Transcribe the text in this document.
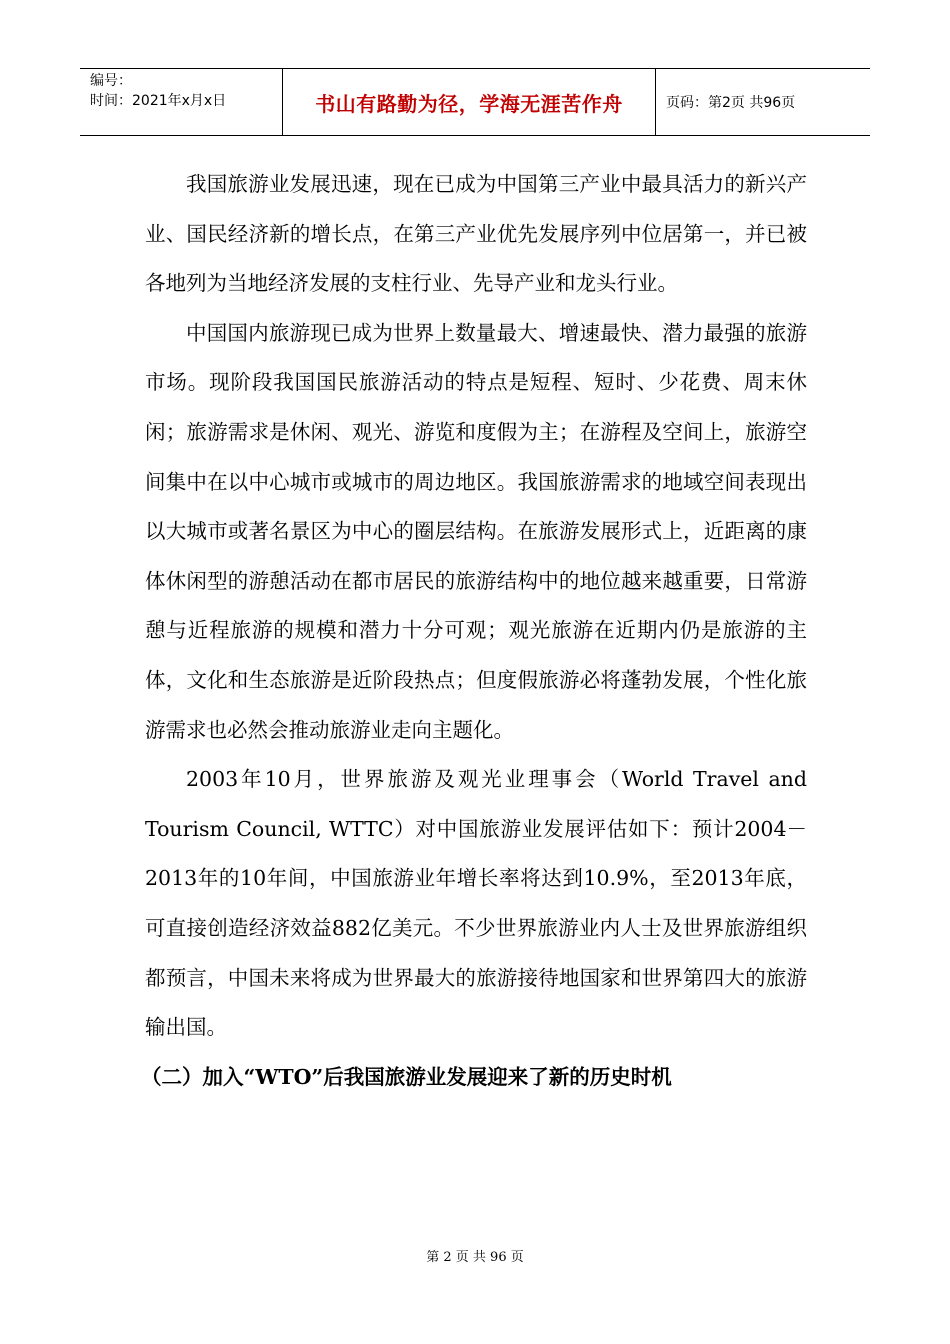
编号：
时间：2021年x月x日	书山有路勤为径，学海无涯苦作舟	页码：第2页 共96页

我国旅游业发展迅速，现在已成为中国第三产业中最具活力的新兴产业、国民经济新的增长点，在第三产业优先发展序列中位居第一，并已被各地列为当地经济发展的支柱行业、先导产业和龙头行业。

中国国内旅游现已成为世界上数量最大、增速最快、潜力最强的旅游市场。现阶段我国国民旅游活动的特点是短程、短时、少花费、周末休闲；旅游需求是休闲、观光、游览和度假为主；在游程及空间上，旅游空间集中在以中心城市或城市的周边地区。我国旅游需求的地域空间表现出以大城市或著名景区为中心的圈层结构。在旅游发展形式上，近距离的康体休闲型的游憩活动在都市居民的旅游结构中的地位越来越重要，日常游憩与近程旅游的规模和潜力十分可观；观光旅游在近期内仍是旅游的主体，文化和生态旅游是近阶段热点；但度假旅游必将蓬勃发展，个性化旅游需求也必然会推动旅游业走向主题化。

2003年10月，世界旅游及观光业理事会（World Travel and Tourism Council, WTTC）对中国旅游业发展评估如下：预计2004－2013年的10年间，中国旅游业年增长率将达到10.9%，至2013年底，可直接创造经济效益882亿美元。不少世界旅游业内人士及世界旅游组织都预言，中国未来将成为世界最大的旅游接待地国家和世界第四大的旅游输出国。

（二）加入“WTO”后我国旅游业发展迎来了新的历史时机
第 2 页 共 96 页
